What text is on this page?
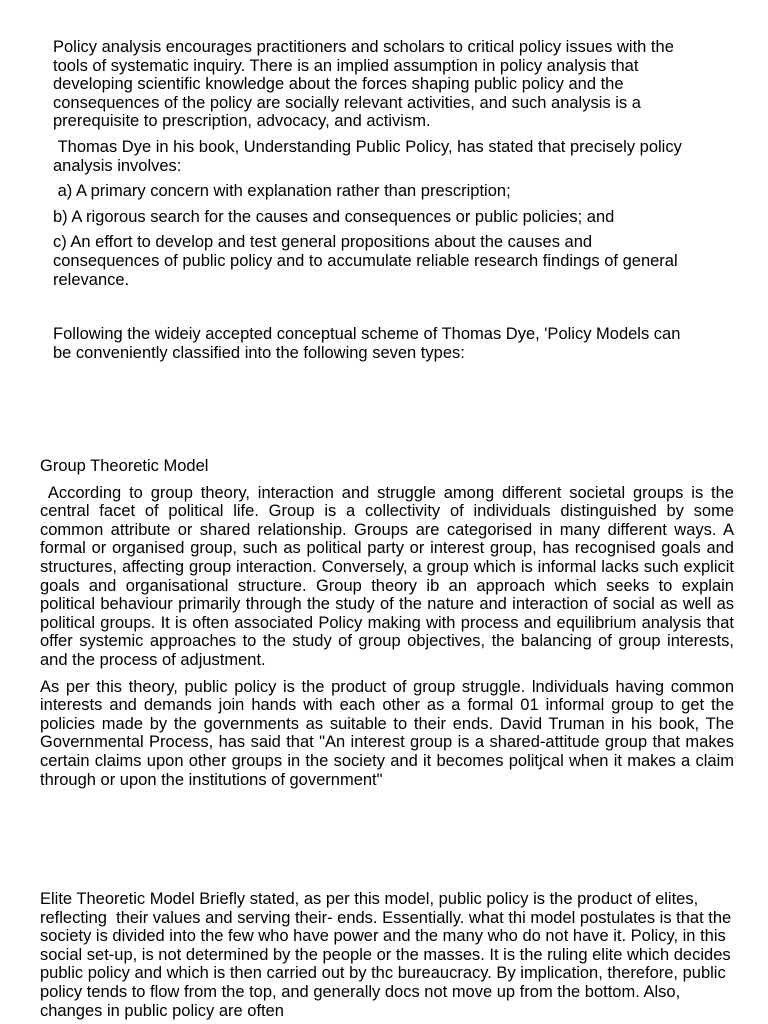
Policy analysis encourages practitioners and scholars to critical policy issues with the tools of systematic inquiry. There is an implied assumption in policy analysis that developing scientific knowledge about the forces shaping public policy and the consequences of the policy are socially relevant activities, and such analysis is a prerequisite to prescription, advocacy, and activism.

Thomas Dye in his book, Understanding Public Policy, has stated that precisely policy analysis involves:

a) A primary concern with explanation rather than prescription;

b) A rigorous search for the causes and consequences or public policies; and

c) An effort to develop and test general propositions about the causes and consequences of public policy and to accumulate reliable research findings of general relevance.

Following the wideiy accepted conceptual scheme of Thomas Dye, 'Policy Models can be conveniently classified into the following seven types:

Group Theoretic Model

According to group theory, interaction and struggle among different societal groups is the central facet of political life. Group is a collectivity of individuals distinguished by some common attribute or shared relationship. Groups are categorised in many different ways. A formal or organised group, such as political party or interest group, has recognised goals and structures, affecting group interaction. Conversely, a group which is informal lacks such explicit goals and organisational structure. Group theory ib an approach which seeks to explain political behaviour primarily through the study of the nature and interaction of social as well as political groups. It is often associated Policy making with process and equilibrium analysis that offer systemic approaches to the study of group objectives, the balancing of group interests, and the process of adjustment.

As per this theory, public policy is the product of group struggle. lndividuals having common interests and demands join hands with each other as a formal 01 informal group to get the policies made by the governments as suitable to their ends. David Truman in his book, The Governmental Process, has said that "An interest group is a shared-attitude group that makes certain claims upon other groups in the society and it becomes politjcal when it makes a claim through or upon the institutions of government"

Elite Theoretic Model Briefly stated, as per this model, public policy is the product of elites, reflecting  their values and serving their- ends. Essentially. what thi model postulates is that the society is divided into the few who have power and the many who do not have it. Policy, in this social set-up, is not determined by the people or the masses. It is the ruling elite which decides public policy and which is then carried out by thc bureaucracy. By implication, therefore, public policy tends to flow from the top, and generally docs not move up from the bottom. Also, changes in public policy are often
